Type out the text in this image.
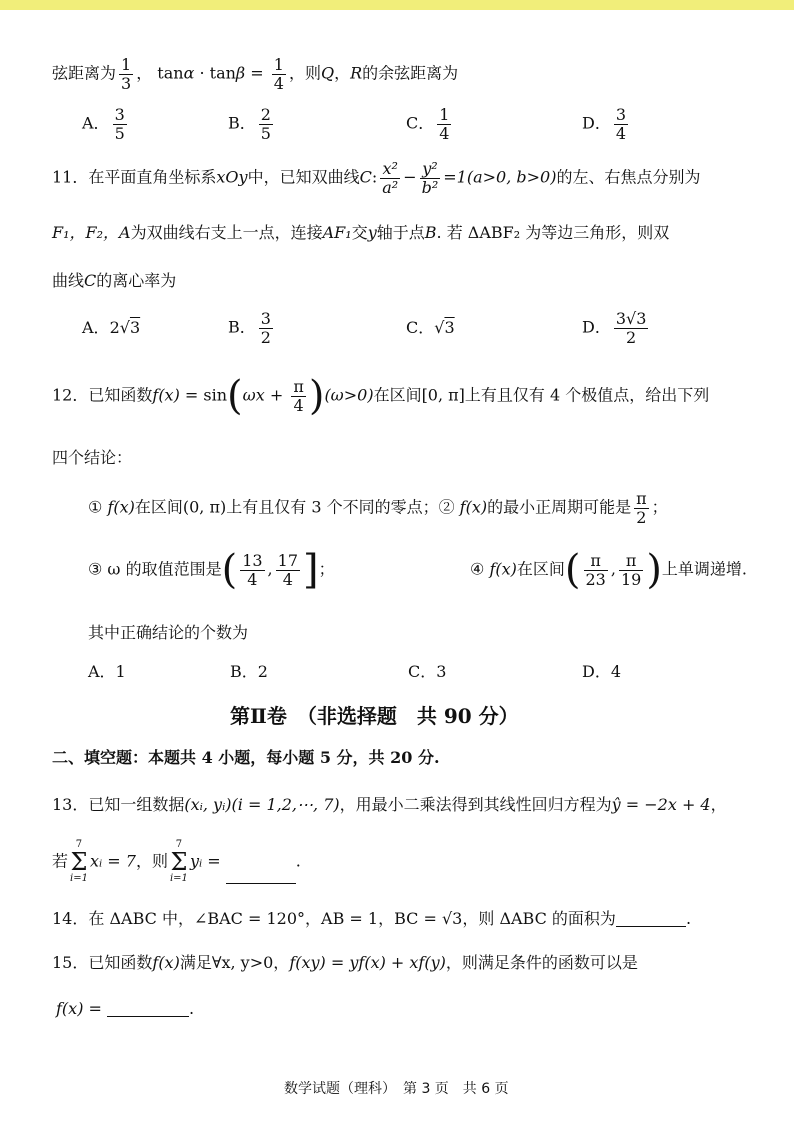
弦距离为 $\frac{1}{3}$ ， $\tan\alpha \cdot \tan\beta = \frac{1}{4}$ ，则Q，R的余弦距离为
A． $\frac{3}{5}$	B． $\frac{2}{5}$	C． $\frac{1}{4}$	D． $\frac{3}{4}$
11．在平面直角坐标系xOy中，已知双曲线C: $\frac{\text{x²}}{\text{a²}} - \frac{\text{y²}}{\text{b²}} =1(a>0$, b>0)的左、右焦点分别为
F₁，F₂，A为双曲线右支上一点，连接AF₁交y轴于点B. 若 ΔABF₂ 为等边三角形，则双
曲线C的离心率为
A．2√3	B． $\frac{3}{2}$	C．√3	D． $\frac{3√3}{2}$
12．已知函数$f(x) = \sin(\omega x + \frac{\pi}{4} )(\omega>0)$在区间[0, π]上有且仅有 4 个极值点，给出下列
四个结论：
① f(x)在区间(0, π)上有且仅有 3 个不同的零点；② f(x)的最小正周期可能是 $\frac{\pi}{2}$ ；
③ ω 的取值范围是( $\frac{13}{4}$ , $\frac{17}{4}$ ]；	④ f(x)在区间( $\frac{\pi}{23}$ , $\frac{\pi}{19}$ )上单调递增.
其中正确结论的个数为
A．1	B．2	C．3	D．4
第Ⅱ卷　（非选择题　共 90 分）
二、填空题：本题共 4 小题，每小题 5 分，共 20 分.
13．已知一组数据(xᵢ, yᵢ)(i = 1,2,⋯, 7)，用最小二乘法得到其线性回归方程为ŷ = −2x + 4，
若
7
Σ
i=1
xᵢ = 7，则
7
Σ
i=1
yᵢ =	.
14．在 ΔABC 中，∠BAC = 120°，AB = 1，BC = √3，则 ΔABC 的面积为	.
15．已知函数f(x)满足∀x, y>0，f(xy) = yf(x) + xf(y)，则满足条件的函数可以是
f(x) =	.
数学试题（理科）　第 3 页　共 6 页
